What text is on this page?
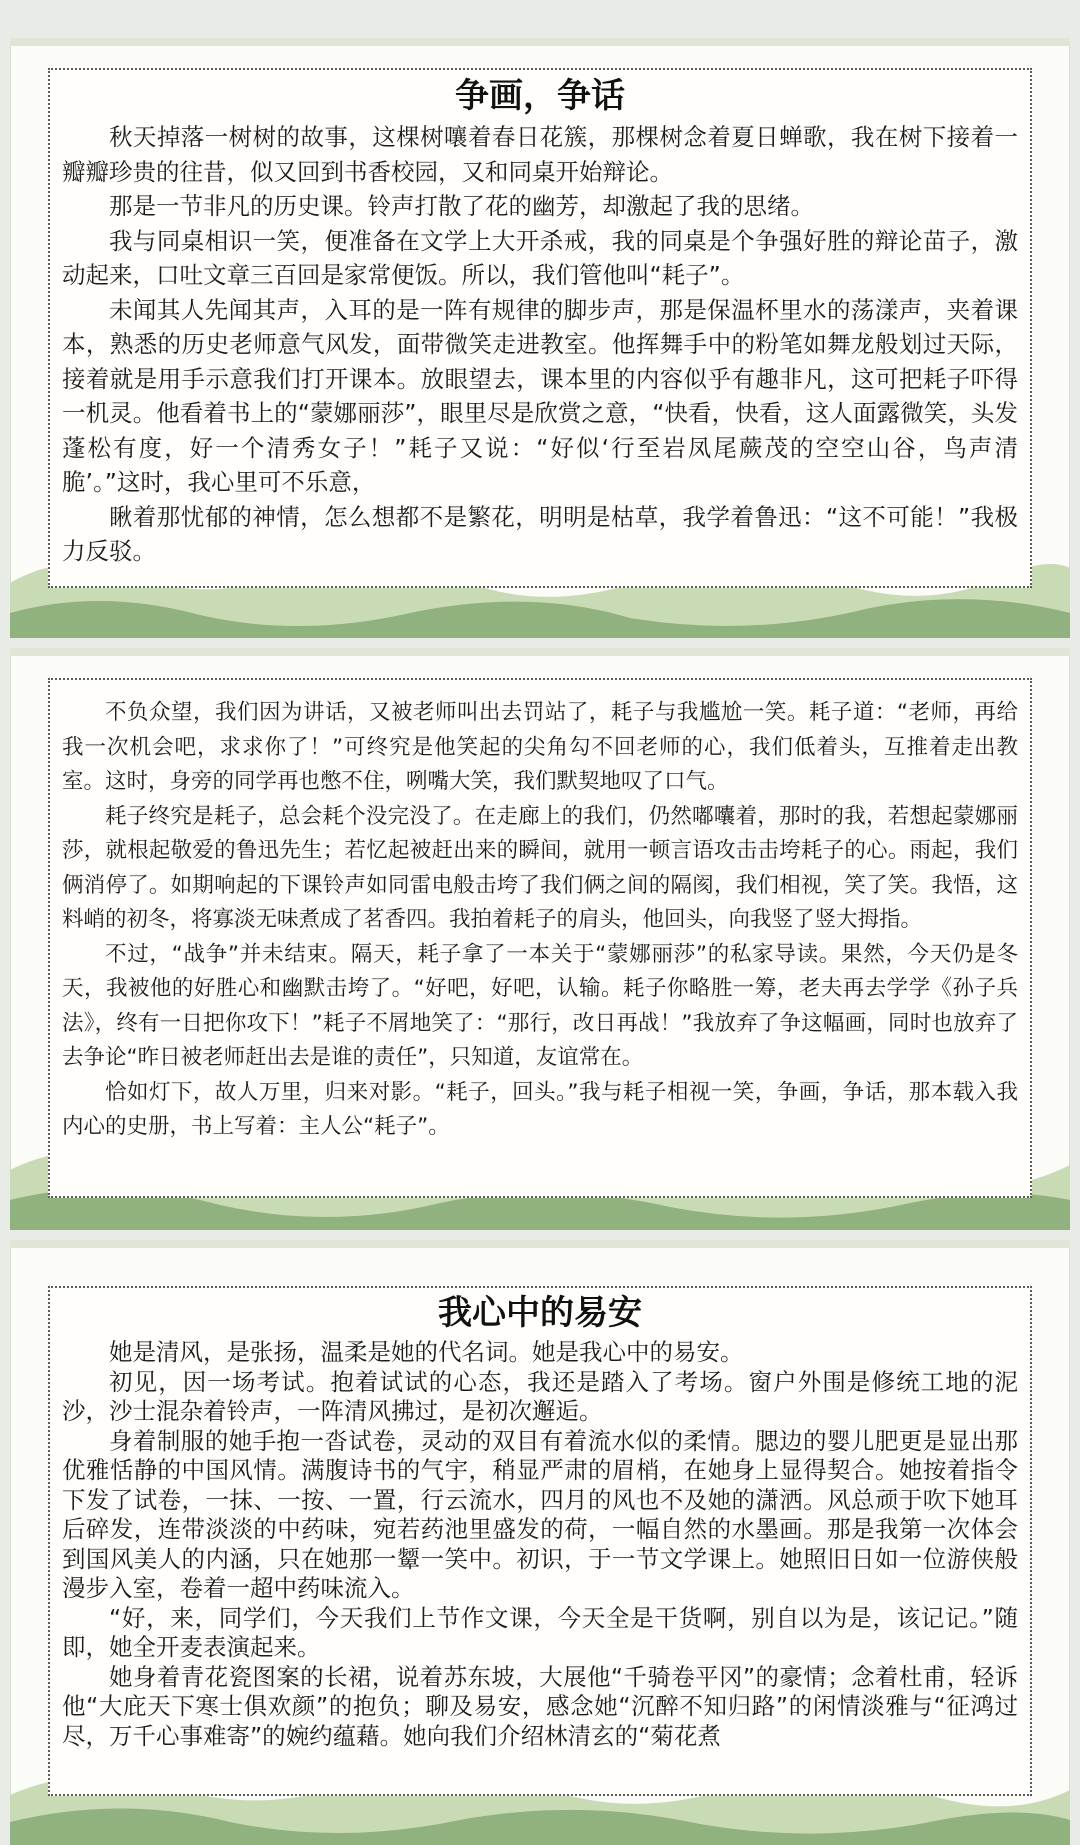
争画，争话

秋天掉落一树树的故事，这棵树嚷着春日花簇，那棵树念着夏日蝉歌，我在树下接着一瓣瓣珍贵的往昔，似又回到书香校园，又和同桌开始辩论。

那是一节非凡的历史课。铃声打散了花的幽芳，却激起了我的思绪。

我与同桌相识一笑，便准备在文学上大开杀戒，我的同桌是个争强好胜的辩论苗子，激动起来，口吐文章三百回是家常便饭。所以，我们管他叫“耗子”。

未闻其人先闻其声，入耳的是一阵有规律的脚步声，那是保温杯里水的荡漾声，夹着课本，熟悉的历史老师意气风发，面带微笑走进教室。他挥舞手中的粉笔如舞龙般划过天际，接着就是用手示意我们打开课本。放眼望去，课本里的内容似乎有趣非凡，这可把耗子吓得一机灵。他看着书上的“蒙娜丽莎”，眼里尽是欣赏之意，“快看，快看，这人面露微笑，头发蓬松有度，好一个清秀女子！”耗子又说：“好似‘行至岩凤尾蕨茂的空空山谷，鸟声清脆’。”这时，我心里可不乐意，

瞅着那忧郁的神情，怎么想都不是繁花，明明是枯草，我学着鲁迅：“这不可能！”我极力反驳。

不负众望，我们因为讲话，又被老师叫出去罚站了，耗子与我尴尬一笑。耗子道：“老师，再给我一次机会吧，求求你了！”可终究是他笑起的尖角勾不回老师的心，我们低着头，互推着走出教室。这时，身旁的同学再也憋不住，咧嘴大笑，我们默契地叹了口气。

耗子终究是耗子，总会耗个没完没了。在走廊上的我们，仍然嘟囔着，那时的我，若想起蒙娜丽莎，就根起敬爱的鲁迅先生；若忆起被赶出来的瞬间，就用一顿言语攻击击垮耗子的心。雨起，我们俩消停了。如期响起的下课铃声如同雷电般击垮了我们俩之间的隔阂，我们相视，笑了笑。我悟，这料峭的初冬，将寡淡无味煮成了茗香四。我拍着耗子的肩头，他回头，向我竖了竖大拇指。

不过，“战争”并未结束。隔天，耗子拿了一本关于“蒙娜丽莎”的私家导读。果然，今天仍是冬天，我被他的好胜心和幽默击垮了。“好吧，好吧，认输。耗子你略胜一筹，老夫再去学学《孙子兵法》，终有一日把你攻下！”耗子不屑地笑了：“那行，改日再战！”我放弃了争这幅画，同时也放弃了去争论“昨日被老师赶出去是谁的责任”，只知道，友谊常在。

恰如灯下，故人万里，归来对影。“耗子，回头。”我与耗子相视一笑，争画，争话，那本载入我内心的史册，书上写着：主人公“耗子”。

我心中的易安

她是清风，是张扬，温柔是她的代名词。她是我心中的易安。

初见，因一场考试。抱着试试的心态，我还是踏入了考场。窗户外围是修统工地的泥沙，沙士混杂着铃声，一阵清风拂过，是初次邂逅。

身着制服的她手抱一沓试卷，灵动的双目有着流水似的柔情。腮边的婴儿肥更是显出那优雅恬静的中国风情。满腹诗书的气宇，稍显严肃的眉梢，在她身上显得契合。她按着指令下发了试卷，一抹、一按、一置，行云流水，四月的风也不及她的潇洒。风总顽于吹下她耳后碎发，连带淡淡的中药味，宛若药池里盛发的荷，一幅自然的水墨画。那是我第一次体会到国风美人的内涵，只在她那一颦一笑中。初识，于一节文学课上。她照旧日如一位游侠般漫步入室，卷着一超中药味流入。

“好，来，同学们，今天我们上节作文课，今天全是干货啊，别自以为是，该记记。”随即，她全开麦表演起来。

她身着青花瓷图案的长裙，说着苏东坡，大展他“千骑卷平冈”的豪情；念着杜甫，轻诉他“大庇天下寒士俱欢颜”的抱负；聊及易安，感念她“沉醉不知归路”的闲情淡雅与“征鸿过尽，万千心事难寄”的婉约蕴藉。她向我们介绍林清玄的“菊花煮
